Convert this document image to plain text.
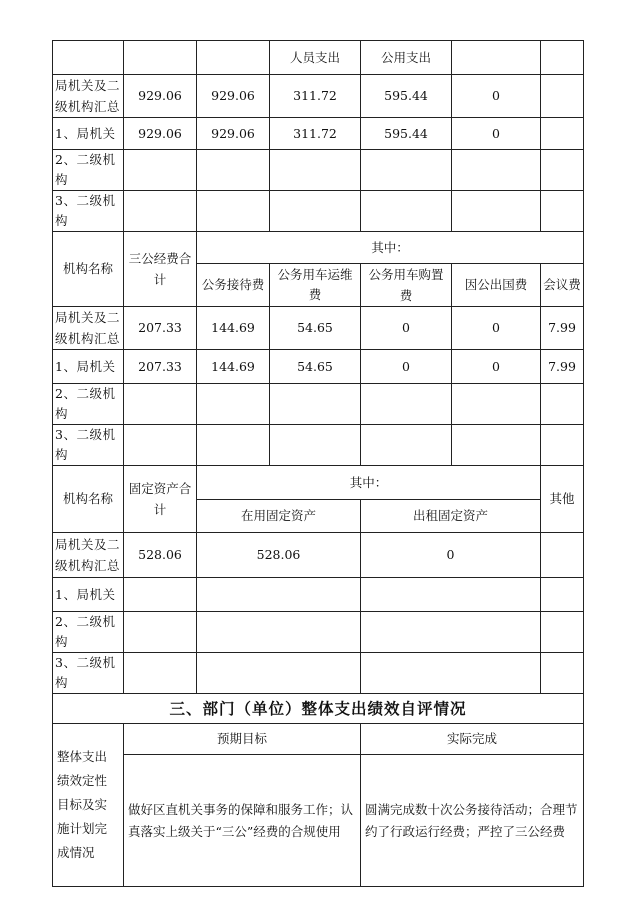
			人员支出	公用支出		
局机关及二级机构汇总	929.06	929.06	311.72	595.44	0	
1、局机关	929.06	929.06	311.72	595.44	0	
2、二级机构						
3、二级机构						
机构名称	三公经费合计	其中：				
		公务接待费	公务用车运维费	公务用车购置费	因公出国费	会议费
局机关及二级机构汇总	207.33	144.69	54.65	0	0	7.99
1、局机关	207.33	144.69	54.65	0	0	7.99
2、二级机构						
3、二级机构						
机构名称	固定资产合计	其中：				其他
		在用固定资产		出租固定资产		
局机关及二级机构汇总	528.06	528.06		0		
1、局机关						
2、二级机构						
3、二级机构						
三、部门（单位）整体支出绩效自评情况						
整体支出绩效定性目标及实施计划完成情况	预期目标			实际完成		
	做好区直机关事务的保障和服务工作；认真落实上级关于“三公”经费的合规使用			圆满完成数十次公务接待活动；合理节约了行政运行经费；严控了三公经费		
